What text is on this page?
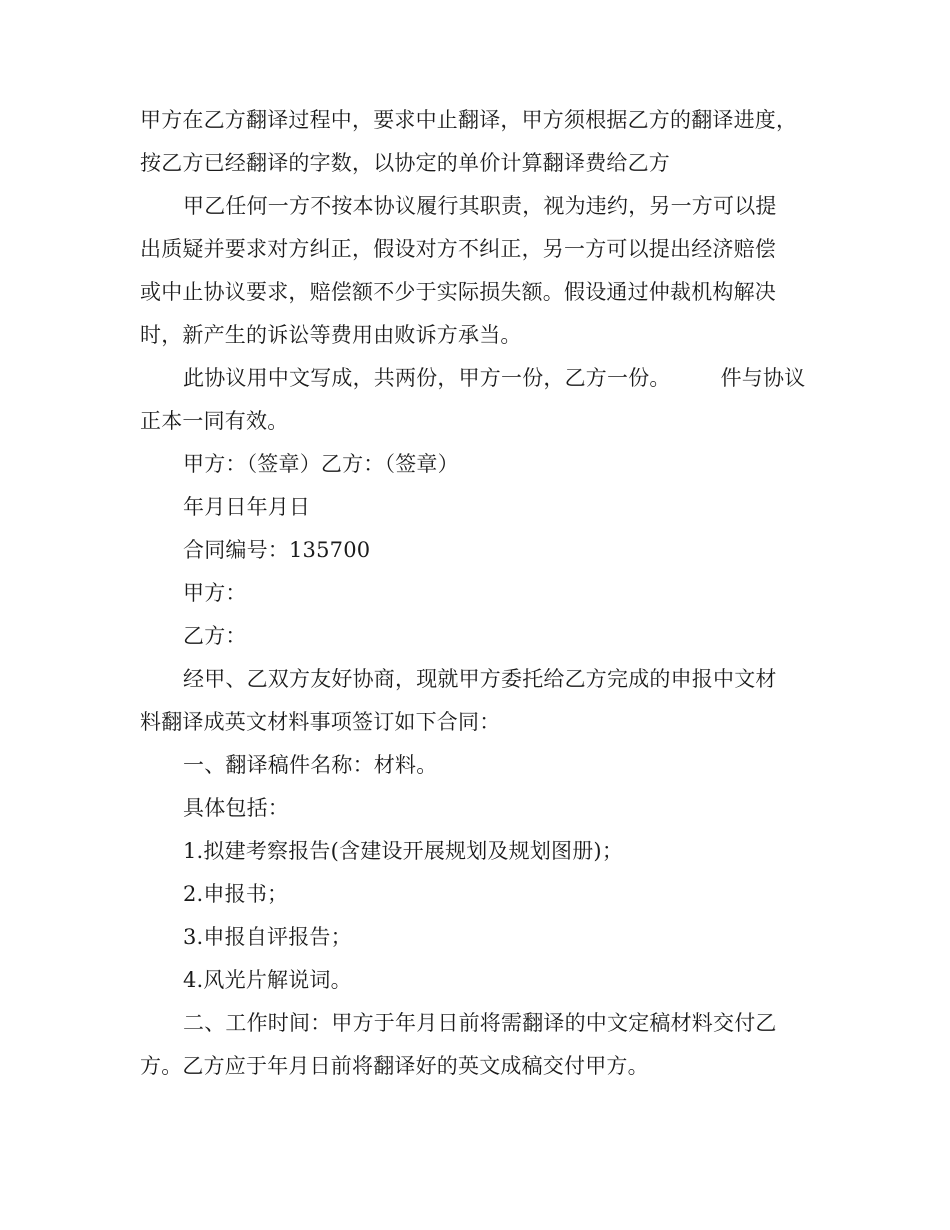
甲方在乙方翻译过程中，要求中止翻译，甲方须根据乙方的翻译进度，
按乙方已经翻译的字数，以协定的单价计算翻译费给乙方
甲乙任何一方不按本协议履行其职责，视为违约，另一方可以提
出质疑并要求对方纠正，假设对方不纠正，另一方可以提出经济赔偿
或中止协议要求，赔偿额不少于实际损失额。假设通过仲裁机构解决
时，新产生的诉讼等费用由败诉方承当。
此协议用中文写成，共两份，甲方一份，乙方一份。 件与协议
正本一同有效。
甲方：（签章）乙方：（签章）
年月日年月日
合同编号：135700
甲方：
乙方：
经甲、乙双方友好协商，现就甲方委托给乙方完成的申报中文材
料翻译成英文材料事项签订如下合同：
一、翻译稿件名称：材料。
具体包括：
1.拟建考察报告(含建设开展规划及规划图册)；
2.申报书；
3.申报自评报告；
4.风光片解说词。
二、工作时间：甲方于年月日前将需翻译的中文定稿材料交付乙
方。乙方应于年月日前将翻译好的英文成稿交付甲方。
